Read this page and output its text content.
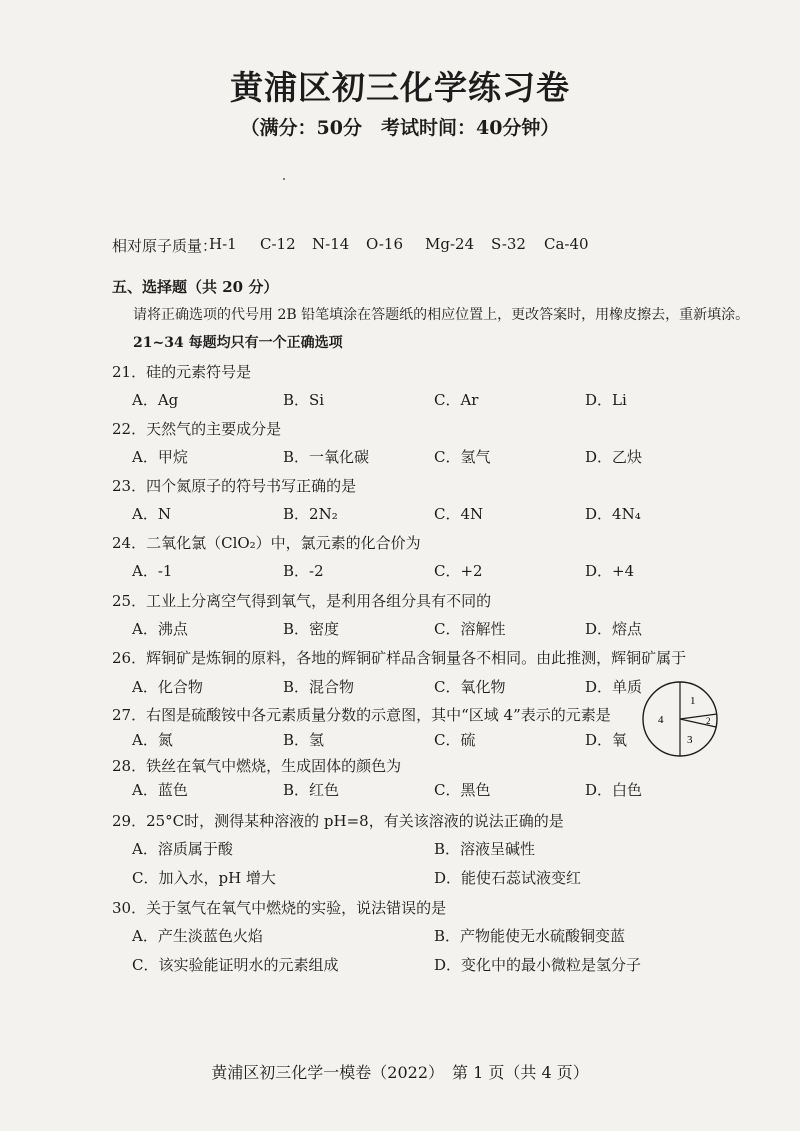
黄浦区初三化学练习卷
（满分：50分　考试时间：40分钟）
相对原子质量：
H-1 C-12 N-14 O-16 Mg-24 S-32 Ca-40
五、选择题（共 20 分）
请将正确选项的代号用 2B 铅笔填涂在答题纸的相应位置上，更改答案时，用橡皮擦去，重新填涂。
21~34 每题均只有一个正确选项
21．硅的元素符号是
A．Ag	B．Si	C．Ar	D．Li
22．天然气的主要成分是
A．甲烷	B．一氧化碳	C．氢气	D．乙炔
23．四个氮原子的符号书写正确的是
A．N	B．2N₂	C．4N	D．4N₄
24．二氧化氯（ClO₂）中，氯元素的化合价为
A．-1	B．-2	C．+2	D．+4
25．工业上分离空气得到氧气，是利用各组分具有不同的
A．沸点	B．密度	C．溶解性	D．熔点
26．辉铜矿是炼铜的原料，各地的辉铜矿样品含铜量各不相同。由此推测，辉铜矿属于
A．化合物	B．混合物	C．氧化物	D．单质
27．右图是硫酸铵中各元素质量分数的示意图，其中“区域 4”表示的元素是
A．氮	B．氢	C．硫	D．氧
1
2
3
4
28．铁丝在氧气中燃烧，生成固体的颜色为
A．蓝色	B．红色	C．黑色	D．白色
29．25°C时，测得某种溶液的 pH=8，有关该溶液的说法正确的是
A．溶质属于酸	B．溶液呈碱性
C．加入水，pH 增大	D．能使石蕊试液变红
30．关于氢气在氧气中燃烧的实验，说法错误的是
A．产生淡蓝色火焰	B．产物能使无水硫酸铜变蓝
C．该实验能证明水的元素组成	D．变化中的最小微粒是氢分子
黄浦区初三化学一模卷（2022）　第 1 页（共 4 页）
